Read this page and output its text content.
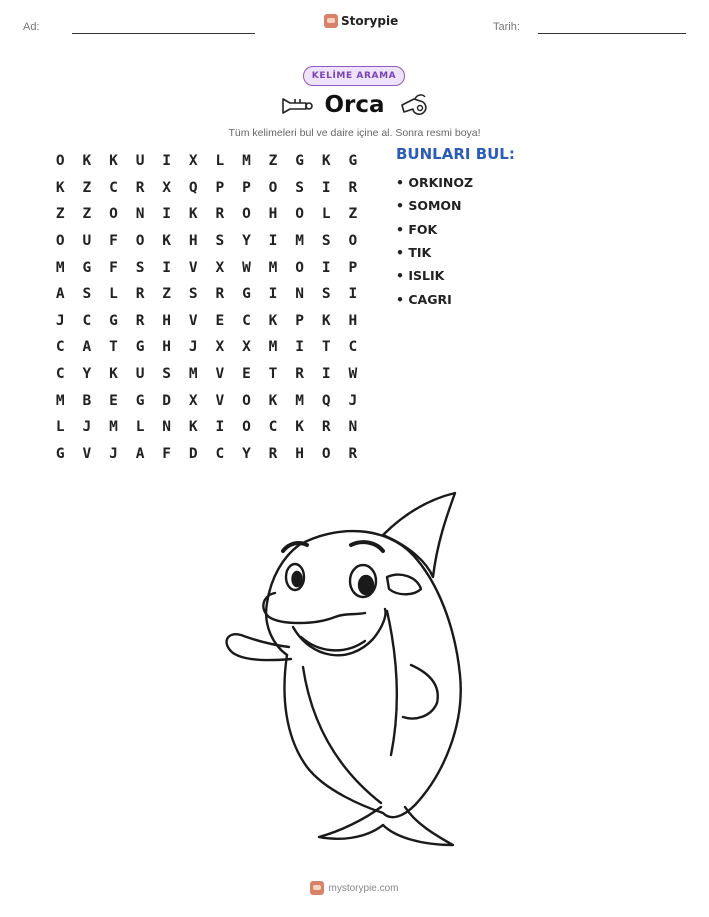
Ad:	Storypie	Tarih:
KELİME ARAMA
Orca
Tüm kelimeleri bul ve daire içine al. Sonra resmi boya!
O	K	K	U	I	X	L	M	Z	G	K	G
K	Z	C	R	X	Q	P	P	O	S	I	R
Z	Z	O	N	I	K	R	O	H	O	L	Z
O	U	F	O	K	H	S	Y	I	M	S	O
M	G	F	S	I	V	X	W	M	O	I	P
A	S	L	R	Z	S	R	G	I	N	S	I
J	C	G	R	H	V	E	C	K	P	K	H
C	A	T	G	H	J	X	X	M	I	T	C
C	Y	K	U	S	M	V	E	T	R	I	W
M	B	E	G	D	X	V	O	K	M	Q	J
L	J	M	L	N	K	I	O	C	K	R	N
G	V	J	A	F	D	C	Y	R	H	O	R
BUNLARI BUL:
• ORKINOZ
• SOMON
• FOK
• TIK
• ISLIK
• CAGRI
mystorypie.com
